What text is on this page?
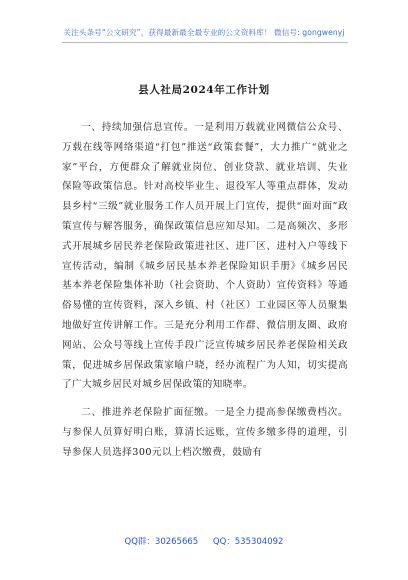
关注头条号“公文研究”，获得最新最全最专业的公文资料库！ 微信号: gongwenyj
县人社局2024年工作计划

一、持续加强信息宣传。一是利用万载就业网微信公众号、万载在线等网络渠道“打包”推送“政策套餐”，大力推广“就业之家”平台，方便群众了解就业岗位、创业贷款、就业培训、失业保险等政策信息。针对高校毕业生、退役军人等重点群体，发动县乡村“三级”就业服务工作人员开展上门宣传，提供“面对面”政策宣传与解答服务，确保政策信息应知尽知。二是高频次、多形式开展城乡居民养老保险政策进社区、进厂区、进村入户等线下宣传活动，编制《城乡居民基本养老保险知识手册》《城乡居民基本养老保险集体补助（社会资助、个人资助）宣传资料》等通俗易懂的宣传资料，深入乡镇、村（社区）工业园区等人员聚集地做好宣传讲解工作。三是充分利用工作群、微信朋友圈、政府网站、公众号等线上宣传手段广泛宣传城乡居民养老保险相关政策，促进城乡居保政策家喻户晓，经办流程广为人知，切实提高了广大城乡居民对城乡居保政策的知晓率。

二、推进养老保险扩面征缴。一是全力提高参保缴费档次。与参保人员算好明白账，算清长远账，宣传多缴多得的道理，引导参保人员选择300元以上档次缴费，鼓励有

QQ群：30265665 QQ：535304092
